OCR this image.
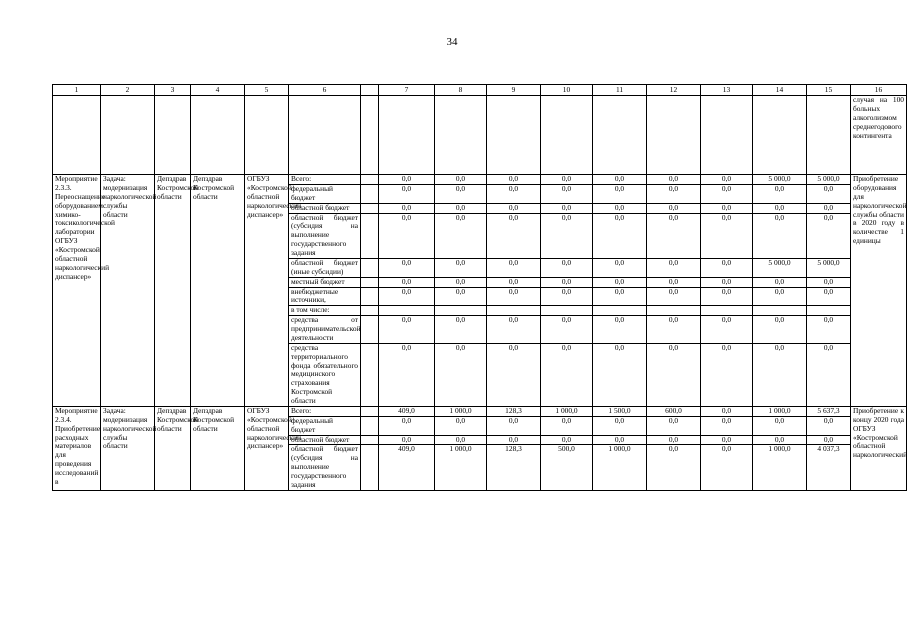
34
1	2	3	4	5	6		7	8	9	10	11	12	13	14	15	16
																случая на 100 больных алкоголизмом среднегодового контингента
Мероприятие 2.3.3. Переоснащение оборудованием химико-токсикологической лаборатории ОГБУЗ «Костромской областной наркологический диспансер»	Задача: модернизация наркологической службы области	Депздрав Костромской области	Депздрав Костромской области	ОГБУЗ «Костромской областной наркологический диспансер»	Всего:		0,0	0,0	0,0	0,0	0,0	0,0	0,0	5 000,0	5 000,0	Приобретение оборудования для наркологической службы области в 2020 году в количестве 1 единицы
					федеральный бюджет		0,0	0,0	0,0	0,0	0,0	0,0	0,0	0,0	0,0	
					областной бюджет		0,0	0,0	0,0	0,0	0,0	0,0	0,0	0,0	0,0	
					областной бюджет (субсидия на выполнение государственного задания		0,0	0,0	0,0	0,0	0,0	0,0	0,0	0,0	0,0	
					областной бюджет (иные субсидии)		0,0	0,0	0,0	0,0	0,0	0,0	0,0	5 000,0	5 000,0	
					местный бюджет		0,0	0,0	0,0	0,0	0,0	0,0	0,0	0,0	0,0	
					внебюджетные источники,		0,0	0,0	0,0	0,0	0,0	0,0	0,0	0,0	0,0	
					в том числе:											
					средства от предпринимательской деятельности		0,0	0,0	0,0	0,0	0,0	0,0	0,0	0,0	0,0	
					средства территориального фонда обязательного медицинского страхования Костромской области		0,0	0,0	0,0	0,0	0,0	0,0	0,0	0,0	0,0	
Мероприятие 2.3.4. Приобретение расходных материалов для проведения исследований в	Задача: модернизация наркологической службы области	Депздрав Костромской области	Депздрав Костромской области	ОГБУЗ «Костромской областной наркологический диспансер»	Всего:		409,0	1 000,0	128,3	1 000,0	1 500,0	600,0	0,0	1 000,0	5 637,3	Приобретение к концу 2020 года ОГБУЗ «Костромской областной наркологический
					федеральный бюджет		0,0	0,0	0,0	0,0	0,0	0,0	0,0	0,0	0,0	
					областной бюджет		0,0	0,0	0,0	0,0	0,0	0,0	0,0	0,0	0,0	
					областной бюджет (субсидия на выполнение государственного задания		409,0	1 000,0	128,3	500,0	1 000,0	0,0	0,0	1 000,0	4 037,3	
